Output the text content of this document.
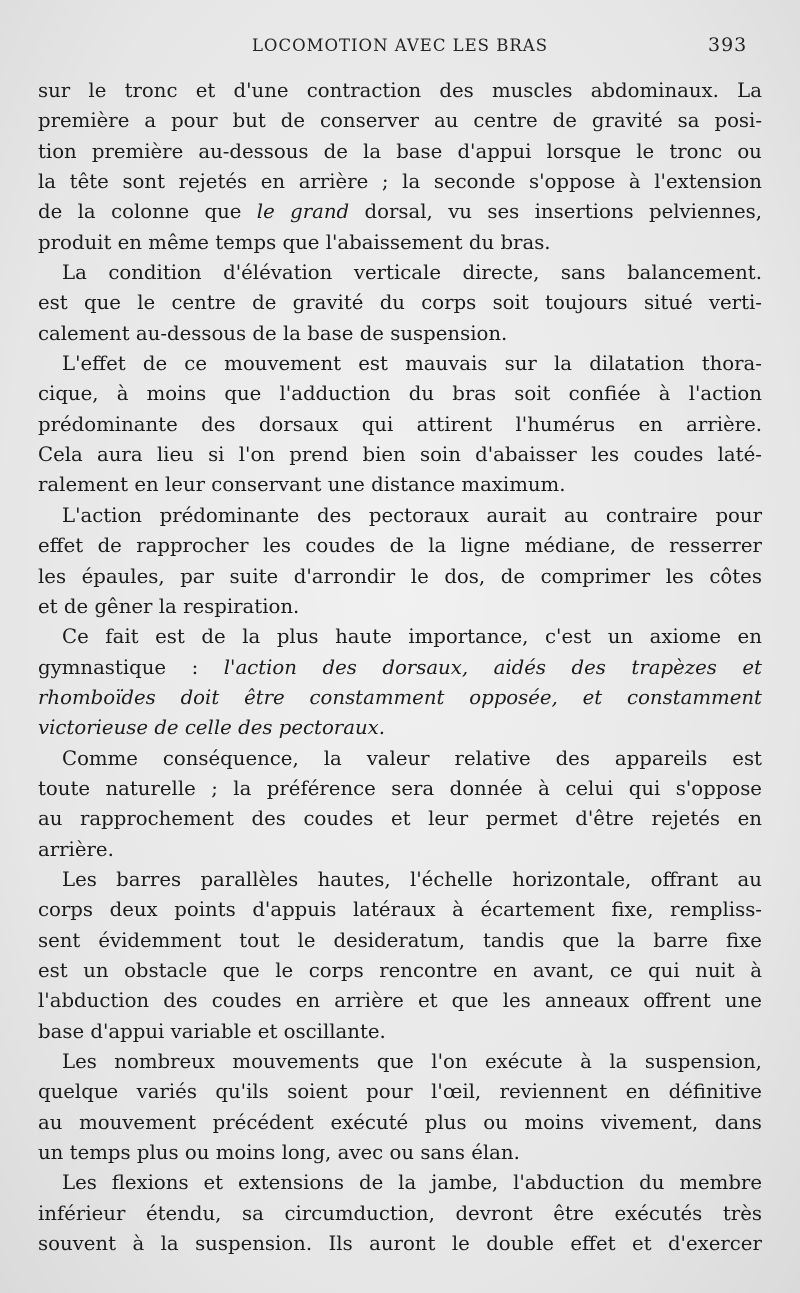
LOCOMOTION AVEC LES BRAS	393
sur le tronc et d'une contraction des muscles abdominaux. La
première a pour but de conserver au centre de gravité sa posi-
tion première au-dessous de la base d'appui lorsque le tronc ou
la tête sont rejetés en arrière ; la seconde s'oppose à l'extension
de la colonne que le grand dorsal, vu ses insertions pelviennes,
produit en même temps que l'abaissement du bras.
La condition d'élévation verticale directe, sans balancement.
est que le centre de gravité du corps soit toujours situé verti-
calement au-dessous de la base de suspension.
L'effet de ce mouvement est mauvais sur la dilatation thora-
cique, à moins que l'adduction du bras soit confiée à l'action
prédominante des dorsaux qui attirent l'humérus en arrière.
Cela aura lieu si l'on prend bien soin d'abaisser les coudes laté-
ralement en leur conservant une distance maximum.
L'action prédominante des pectoraux aurait au contraire pour
effet de rapprocher les coudes de la ligne médiane, de resserrer
les épaules, par suite d'arrondir le dos, de comprimer les côtes
et de gêner la respiration.
Ce fait est de la plus haute importance, c'est un axiome en
gymnastique : l'action des dorsaux, aidés des trapèzes et
rhomboïdes doit être constamment opposée, et constamment
victorieuse de celle des pectoraux.
Comme conséquence, la valeur relative des appareils est
toute naturelle ; la préférence sera donnée à celui qui s'oppose
au rapprochement des coudes et leur permet d'être rejetés en
arrière.
Les barres parallèles hautes, l'échelle horizontale, offrant au
corps deux points d'appuis latéraux à écartement fixe, rempliss-
sent évidemment tout le desideratum, tandis que la barre fixe
est un obstacle que le corps rencontre en avant, ce qui nuit à
l'abduction des coudes en arrière et que les anneaux offrent une
base d'appui variable et oscillante.
Les nombreux mouvements que l'on exécute à la suspension,
quelque variés qu'ils soient pour l'œil, reviennent en définitive
au mouvement précédent exécuté plus ou moins vivement, dans
un temps plus ou moins long, avec ou sans élan.
Les flexions et extensions de la jambe, l'abduction du membre
inférieur étendu, sa circumduction, devront être exécutés très
souvent à la suspension. Ils auront le double effet et d'exercer
